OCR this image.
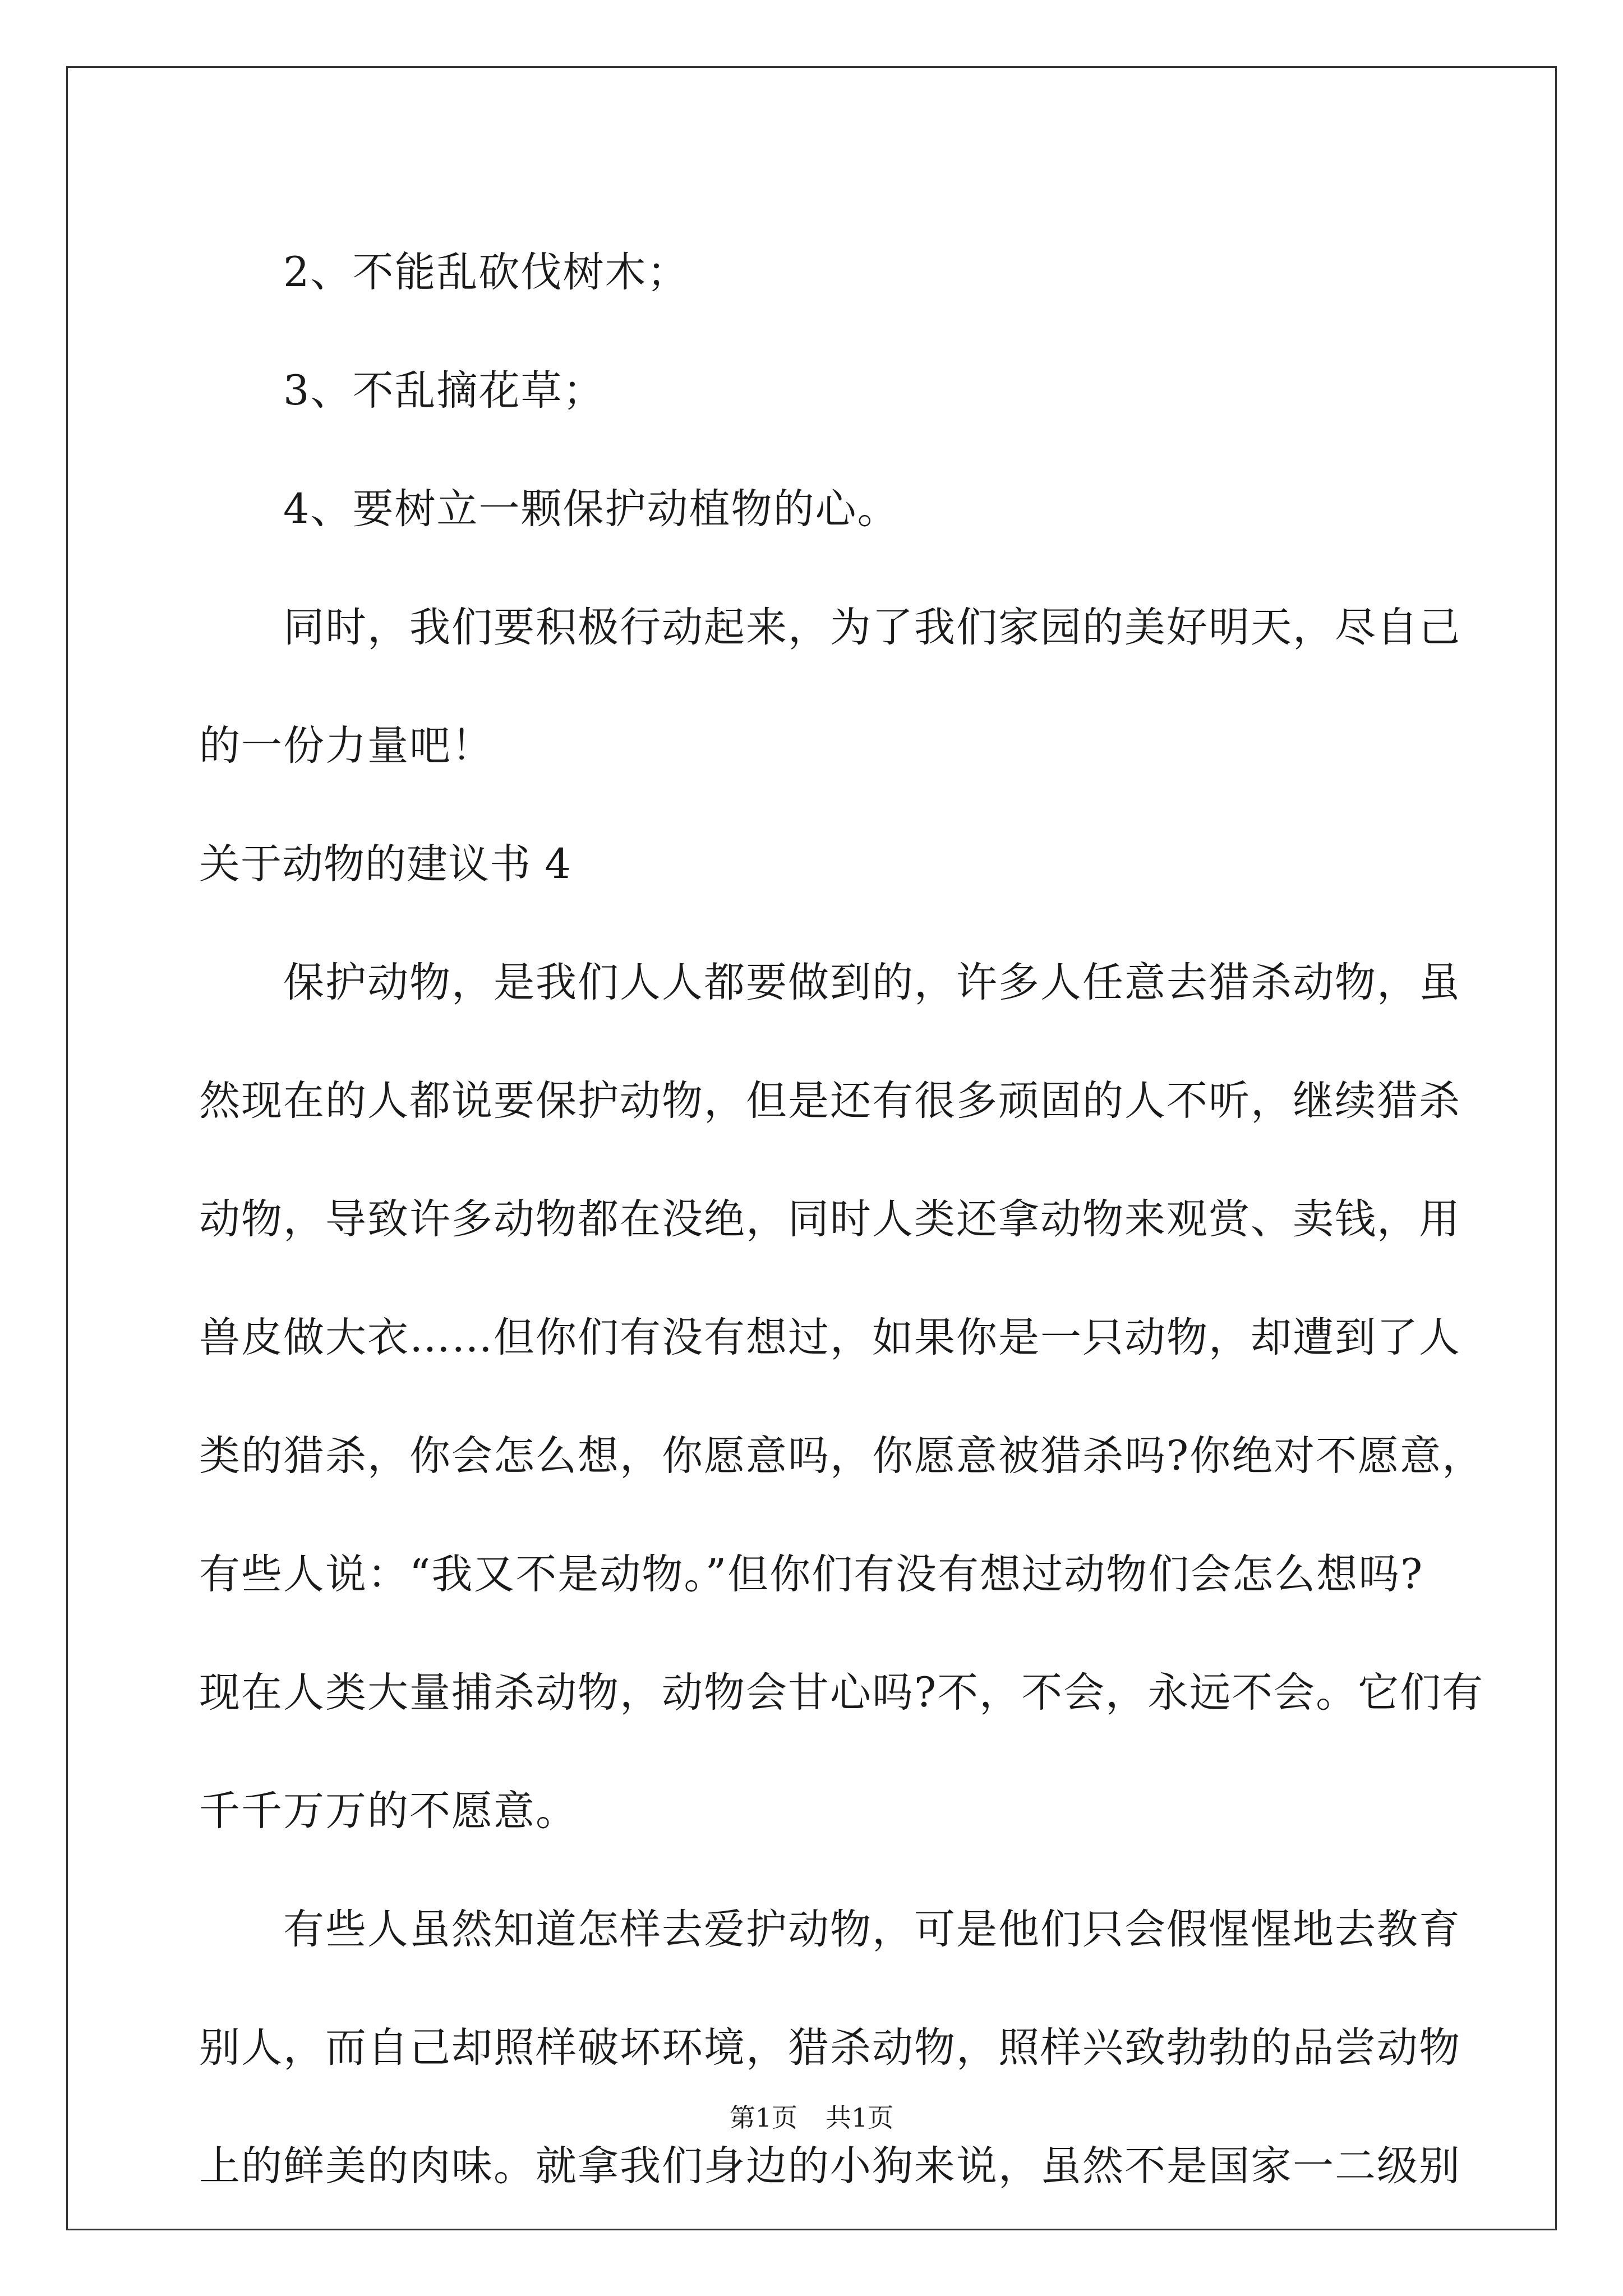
2、不能乱砍伐树木；
3、不乱摘花草；
4、要树立一颗保护动植物的心。
同时，我们要积极行动起来，为了我们家园的美好明天，尽自己
的一份力量吧！
关于动物的建议书 4
保护动物，是我们人人都要做到的，许多人任意去猎杀动物，虽
然现在的人都说要保护动物，但是还有很多顽固的人不听，继续猎杀
动物，导致许多动物都在没绝，同时人类还拿动物来观赏、卖钱，用
兽皮做大衣……但你们有没有想过，如果你是一只动物，却遭到了人
类的猎杀，你会怎么想，你愿意吗，你愿意被猎杀吗?你绝对不愿意，
有些人说：“我又不是动物。”但你们有没有想过动物们会怎么想吗?
现在人类大量捕杀动物，动物会甘心吗?不，不会，永远不会。它们有
千千万万的不愿意。
有些人虽然知道怎样去爱护动物，可是他们只会假惺惺地去教育
别人，而自己却照样破坏环境，猎杀动物，照样兴致勃勃的品尝动物
上的鲜美的肉味。就拿我们身边的小狗来说，虽然不是国家一二级别
第1页 共1页
